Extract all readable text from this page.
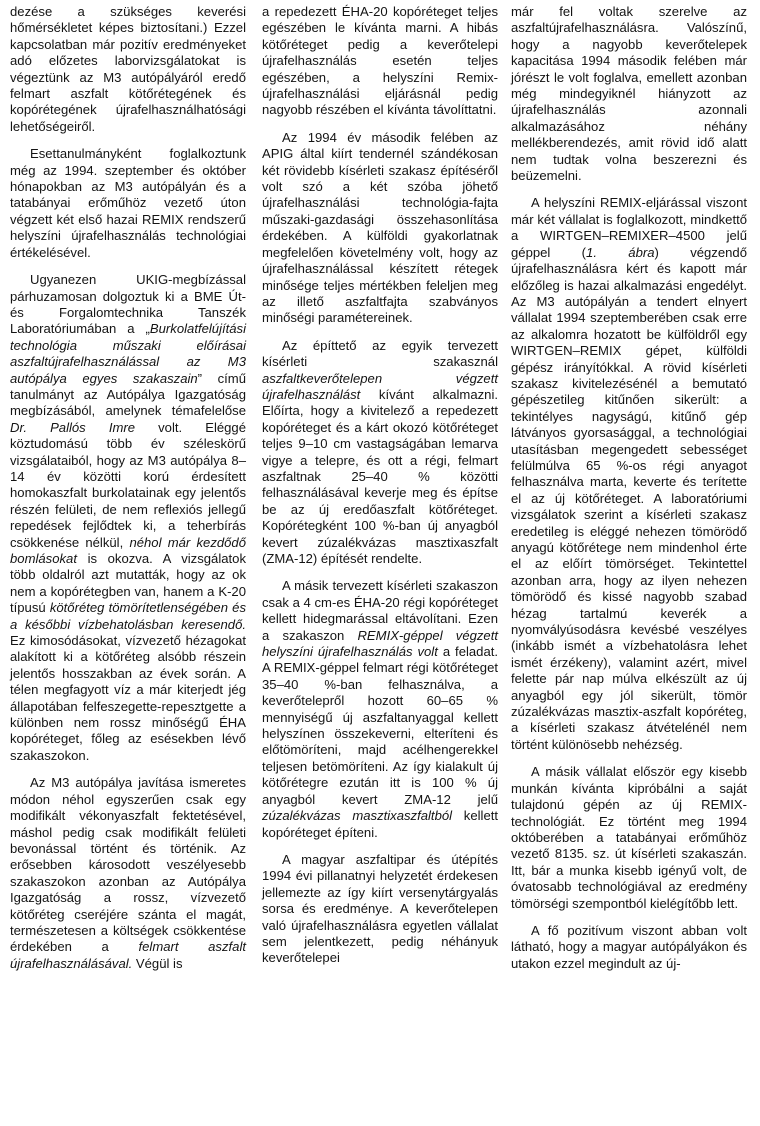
dezése a szükséges keverési hőmérsékletet képes biztosítani.) Ezzel kapcsolatban már pozitív eredményeket adó előzetes laborvizsgálatokat is végeztünk az M3 autópályáról eredő felmart aszfalt kötőrétegének és kopórétegének újrafelhasználhatósági lehetőségeiről.

Esettanulmányként foglalkoztunk még az 1994. szeptember és október hónapokban az M3 autópályán és a tatabányai erőműhöz vezető úton végzett két első hazai REMIX rendszerű helyszíni újrafelhasználás technológiai értékelésével.

Ugyanezen UKIG-megbízással párhuzamosan dolgoztuk ki a BME Út- és Forgalomtechnika Tanszék Laboratóriumában a „Burkolatfelújítási technológia műszaki előírásai aszfaltújrafelhasználással az M3 autópálya egyes szakaszain” című tanulmányt az Autópálya Igazgatóság megbízásából, amelynek témafelelőse Dr. Pallós Imre volt. Eléggé köztudomású több év széleskörű vizsgálataiból, hogy az M3 autópálya 8–14 év közötti korú érdesített homokaszfalt burkolatainak egy jelentős részén felületi, de nem reflexiós jellegű repedések fejlődtek ki, a teherbírás csökkenése nélkül, néhol már kezdődő bomlásokat is okozva. A vizsgálatok több oldalról azt mutatták, hogy az ok nem a kopórétegben van, hanem a K-20 típusú kötőréteg tömörítetlenségében és a későbbi vízbehatolásban keresendő. Ez kimosódásokat, vízvezető hézagokat alakított ki a kötőréteg alsóbb részein jelentős hosszakban az évek során. A télen megfagyott víz a már kiterjedt jég állapotában felfeszegette-repesztgette a különben nem rossz minőségű ÉHA kopóréteget, főleg az esésekben lévő szakaszokon.

Az M3 autópálya javítása ismeretes módon néhol egyszerűen csak egy modifikált vékonyaszfalt fektetésével, máshol pedig csak modifikált felületi bevonással történt és történik. Az erősebben károsodott veszélyesebb szakaszokon azonban az Autópálya Igazgatóság a rossz, vízvezető kötőréteg cseréjére szánta el magát, természetesen a költségek csökkentése érdekében a felmart aszfalt újrafelhasználásával. Végül is

a repedezett ÉHA-20 kopóréteget teljes egészében le kívánta marni. A hibás kötőréteget pedig a keverőtelepi újrafelhasználás esetén teljes egészében, a helyszíni Remix-újrafelhasználási eljárásnál pedig nagyobb részében el kívánta távolíttatni.

Az 1994 év második felében az APIG által kiírt tendernél szándékosan két rövidebb kísérleti szakasz építéséről volt szó a két szóba jöhető újrafelhasználási technológia-fajta műszaki-gazdasági összehasonlítása érdekében. A külföldi gyakorlatnak megfelelően követelmény volt, hogy az újrafelhasználással készített rétegek minősége teljes mértékben feleljen meg az illető aszfaltfajta szabványos minőségi paramétereinek.

Az építtető az egyik tervezett kísérleti szakasznál aszfaltkeverőtelepen végzett újrafelhasználást kívánt alkalmazni. Előírta, hogy a kivitelező a repedezett kopóréteget és a kárt okozó kötőréteget teljes 9–10 cm vastagságában lemarva vigye a telepre, és ott a régi, felmart aszfaltnak 25–40 % közötti felhasználásával keverje meg és építse be az új eredőaszfalt kötőréteget. Kopórétegként 100 %-ban új anyagból kevert zúzalékvázas masztixaszfalt (ZMA-12) építését rendelte.

A másik tervezett kísérleti szakaszon csak a 4 cm-es ÉHA-20 régi kopóréteget kellett hidegmarással eltávolítani. Ezen a szakaszon REMIX-géppel végzett helyszíni újrafelhasználás volt a feladat. A REMIX-géppel felmart régi kötőréteget 35–40 %-ban felhasználva, a keverőtelepről hozott 60–65 % mennyiségű új aszfaltanyaggal kellett helyszínen összekeverni, elteríteni és előtömöríteni, majd acélhengerekkel teljesen betömöríteni. Az így kialakult új kötőrétegre ezután itt is 100 % új anyagból kevert ZMA-12 jelű zúzalékvázas masztixaszfaltból kellett kopóréteget építeni.

A magyar aszfaltipar és útépítés 1994 évi pillanatnyi helyzetét érdekesen jellemezte az így kiírt versenytárgyalás sorsa és eredménye. A keverőtelepen való újrafelhasználásra egyetlen vállalat sem jelentkezett, pedig néhányuk keverőtelepei

már fel voltak szerelve az aszfaltújrafelhasználásra. Valószínű, hogy a nagyobb keverőtelepek kapacitása 1994 második felében már jórészt le volt foglalva, emellett azonban még mindegyiknél hiányzott az újrafelhasználás azonnali alkalmazásához néhány mellékberendezés, amit rövid idő alatt nem tudtak volna beszerezni és beüzemelni.

A helyszíni REMIX-eljárással viszont már két vállalat is foglalkozott, mindkettő a WIRTGEN–REMIXER–4500 jelű géppel (1. ábra) végzendő újrafelhasználásra kért és kapott már előzőleg is hazai alkalmazási engedélyt. Az M3 autópályán a tendert elnyert vállalat 1994 szeptemberében csak erre az alkalomra hozatott be külföldről egy WIRTGEN–REMIX gépet, külföldi gépész irányítókkal. A rövid kísérleti szakasz kivitelezésénél a bemutató gépészetileg kitűnően sikerült: a tekintélyes nagyságú, kitűnő gép látványos gyorsasággal, a technológiai utasításban megengedett sebességet felülmúlva 65 %-os régi anyagot felhasználva marta, keverte és terítette el az új kötőréteget. A laboratóriumi vizsgálatok szerint a kísérleti szakasz eredetileg is eléggé nehezen tömörödő anyagú kötőrétege nem mindenhol érte el az előírt tömörséget. Tekintettel azonban arra, hogy az ilyen nehezen tömörödő és kissé nagyobb szabad hézag tartalmú keverék a nyomvályúsodásra kevésbé veszélyes (inkább ismét a vízbehatolásra lehet ismét érzékeny), valamint azért, mivel felette pár nap múlva elkészült az új anyagból egy jól sikerült, tömör zúzalékvázas masztix-aszfalt kopóréteg, a kísérleti szakasz átvételénél nem történt különösebb nehézség.

A másik vállalat először egy kisebb munkán kívánta kipróbálni a saját tulajdonú gépén az új REMIX-technológiát. Ez történt meg 1994 októberében a tatabányai erőműhöz vezető 8135. sz. út kísérleti szakaszán. Itt, bár a munka kisebb igényű volt, de óvatosabb technológiával az eredmény tömörségi szempontból kielégítőbb lett.

A fő pozitívum viszont abban volt látható, hogy a magyar autópályákon és utakon ezzel megindult az új-
